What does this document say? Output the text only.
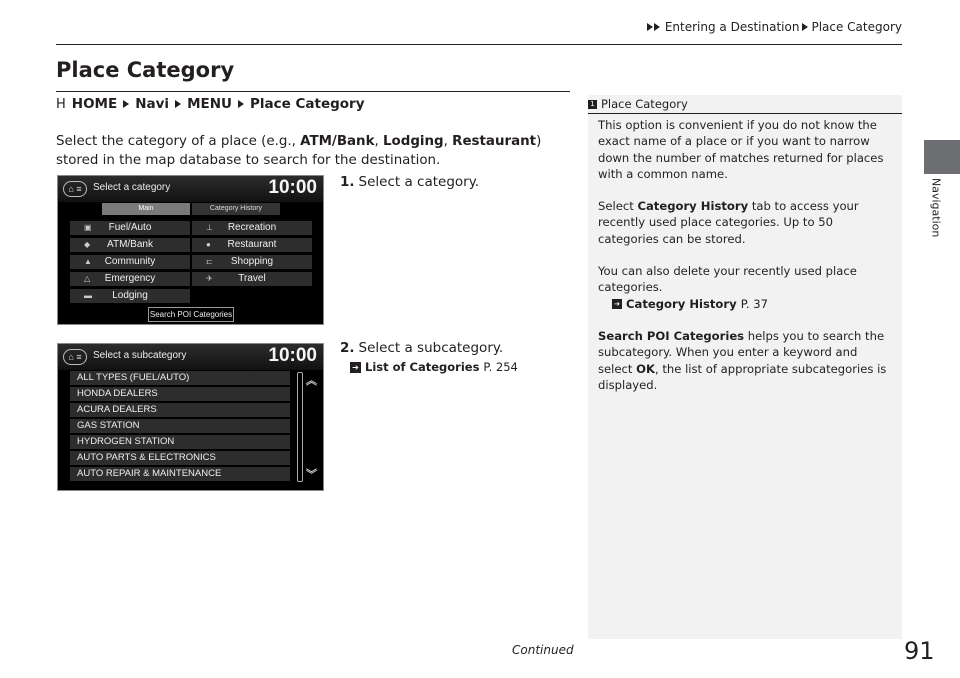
Entering a Destination Place Category
Navigation
Place Category
H HOME Navi MENU Place Category

Select the category of a place (e.g., ATM/Bank, Lodging, Restaurant) stored in the map database to search for the destination.

⌂ ≡	Select a category	10:00
Main	Category History
▣ Fuel/Auto
◆ ATM/Bank
▲ Community
△ Emergency
▬ Lodging
⊥ Recreation
● Restaurant
⊏ Shopping
✈	Travel
Search POI Categories
1. Select a category.
2. Select a subcategory.
➔ List of Categories P. 254
⌂ ≡	Select a subcategory	10:00
ALL TYPES (FUEL/AUTO)
HONDA DEALERS
ACURA DEALERS
GAS STATION
HYDROGEN STATION
AUTO PARTS & ELECTRONICS
AUTO REPAIR & MAINTENANCE
︽
︾
1 Place Category
This option is convenient if you do not know the exact name of a place or if you want to narrow down the number of matches returned for places with a common name.
Select Category History tab to access your recently used place categories. Up to 50 categories can be stored.
You can also delete your recently used place categories.
➔ Category History P. 37
Search POI Categories helps you to search the subcategory. When you enter a keyword and select OK, the list of appropriate subcategories is displayed.
Continued	91
